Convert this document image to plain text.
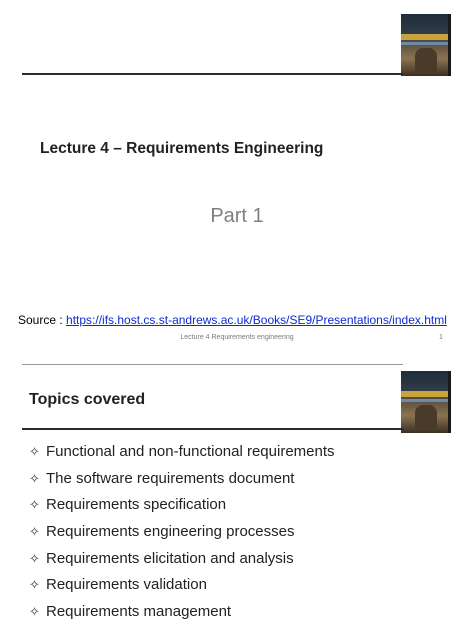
Lecture 4 – Requirements Engineering
Part 1
Source : https://ifs.host.cs.st-andrews.ac.uk/Books/SE9/Presentations/index.html
Lecture 4 Requirements engineering	1
Topics covered
✧ Functional and non-functional requirements
✧ The software requirements document
✧ Requirements specification
✧ Requirements engineering processes
✧ Requirements elicitation and analysis
✧ Requirements validation
✧ Requirements management
